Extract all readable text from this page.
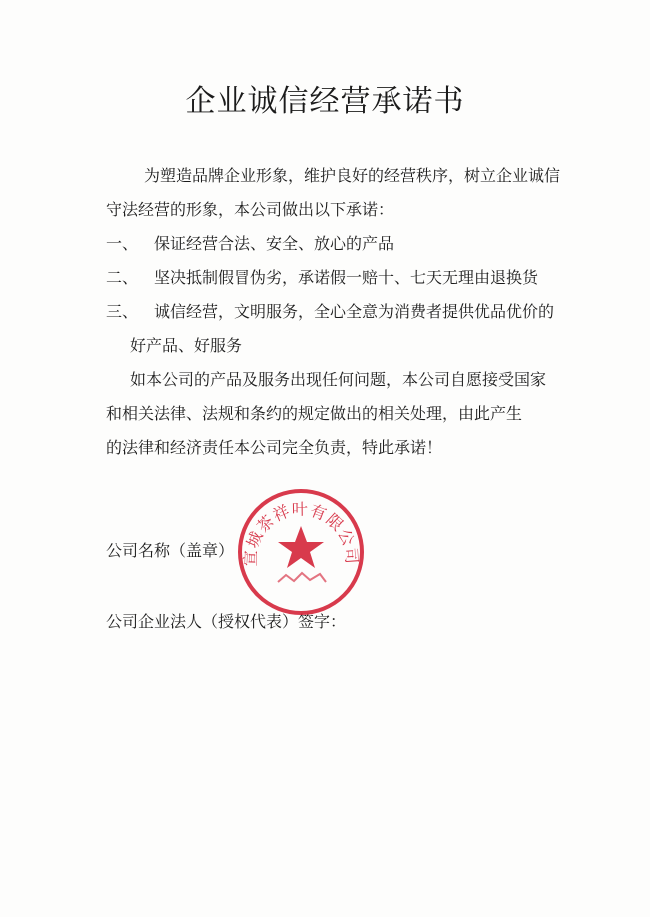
企业诚信经营承诺书
为塑造品牌企业形象，维护良好的经营秩序，树立企业诚信
守法经营的形象，本公司做出以下承诺：
一、 保证经营合法、安全、放心的产品
二、 坚决抵制假冒伪劣，承诺假一赔十、七天无理由退换货
三、 诚信经营，文明服务，全心全意为消费者提供优品优价的
好产品、好服务
如本公司的产品及服务出现任何问题，本公司自愿接受国家
和相关法律、法规和条约的规定做出的相关处理，由此产生
的法律和经济责任本公司完全负责，特此承诺！
公司名称（盖章）
公司企业法人（授权代表）签字：
宣城茶祥叶有限公司
